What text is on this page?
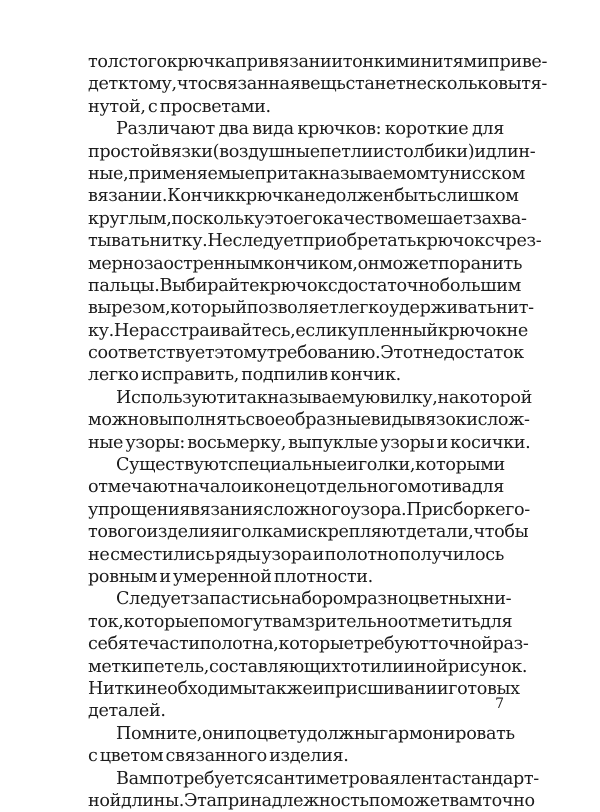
толстого крючка при вязании тонкими нитями приве-
дет к тому, что связанная вещь станет несколько вытя-
нутой, с просветами.
Различают два вида крючков: короткие для
простой вязки (воздушные петли и столбики) и длин-
ные, применяемые при так называемом тунисском
вязании. Кончик крючка не должен быть слишком
круглым, поскольку это его качество мешает захва-
тывать нитку. Не следует приобретать крючок с чрез-
мерно заостренным кончиком, он может поранить
пальцы. Выбирайте крючок с достаточно большим
вырезом, который позволяет легко удерживать нит-
ку. Не расстраивайтесь, если купленный крючок не
соответствует этому требованию. Этот недостаток
легко исправить, подпилив кончик.
Используют и так называемую вилку, на которой
можно выполнять своеобразные виды вязок и слож-
ные узоры: восьмерку, выпуклые узоры и косички.
Существуют специальные иголки, которыми
отмечают начало и конец отдельного мотива для
упрощения вязания сложного узора. При сборке го-
тового изделия иголками скрепляют детали, чтобы
не сместились ряды узора и полотно получилось
ровным и умеренной плотности.
Следует запастись набором разноцветных ни-
ток, которые помогут вам зрительно отметить для
себя те части полотна, которые требуют точной раз-
метки петель, составляющих тот или иной рисунок.
Нитки необходимы также и при сшивании готовых
деталей.
Помните, они по цвету должны гармонировать
с цветом связанного изделия.
Вам потребуется сантиметровая лента стандарт-
ной длины. Эта принадлежность поможет вам точно
7
